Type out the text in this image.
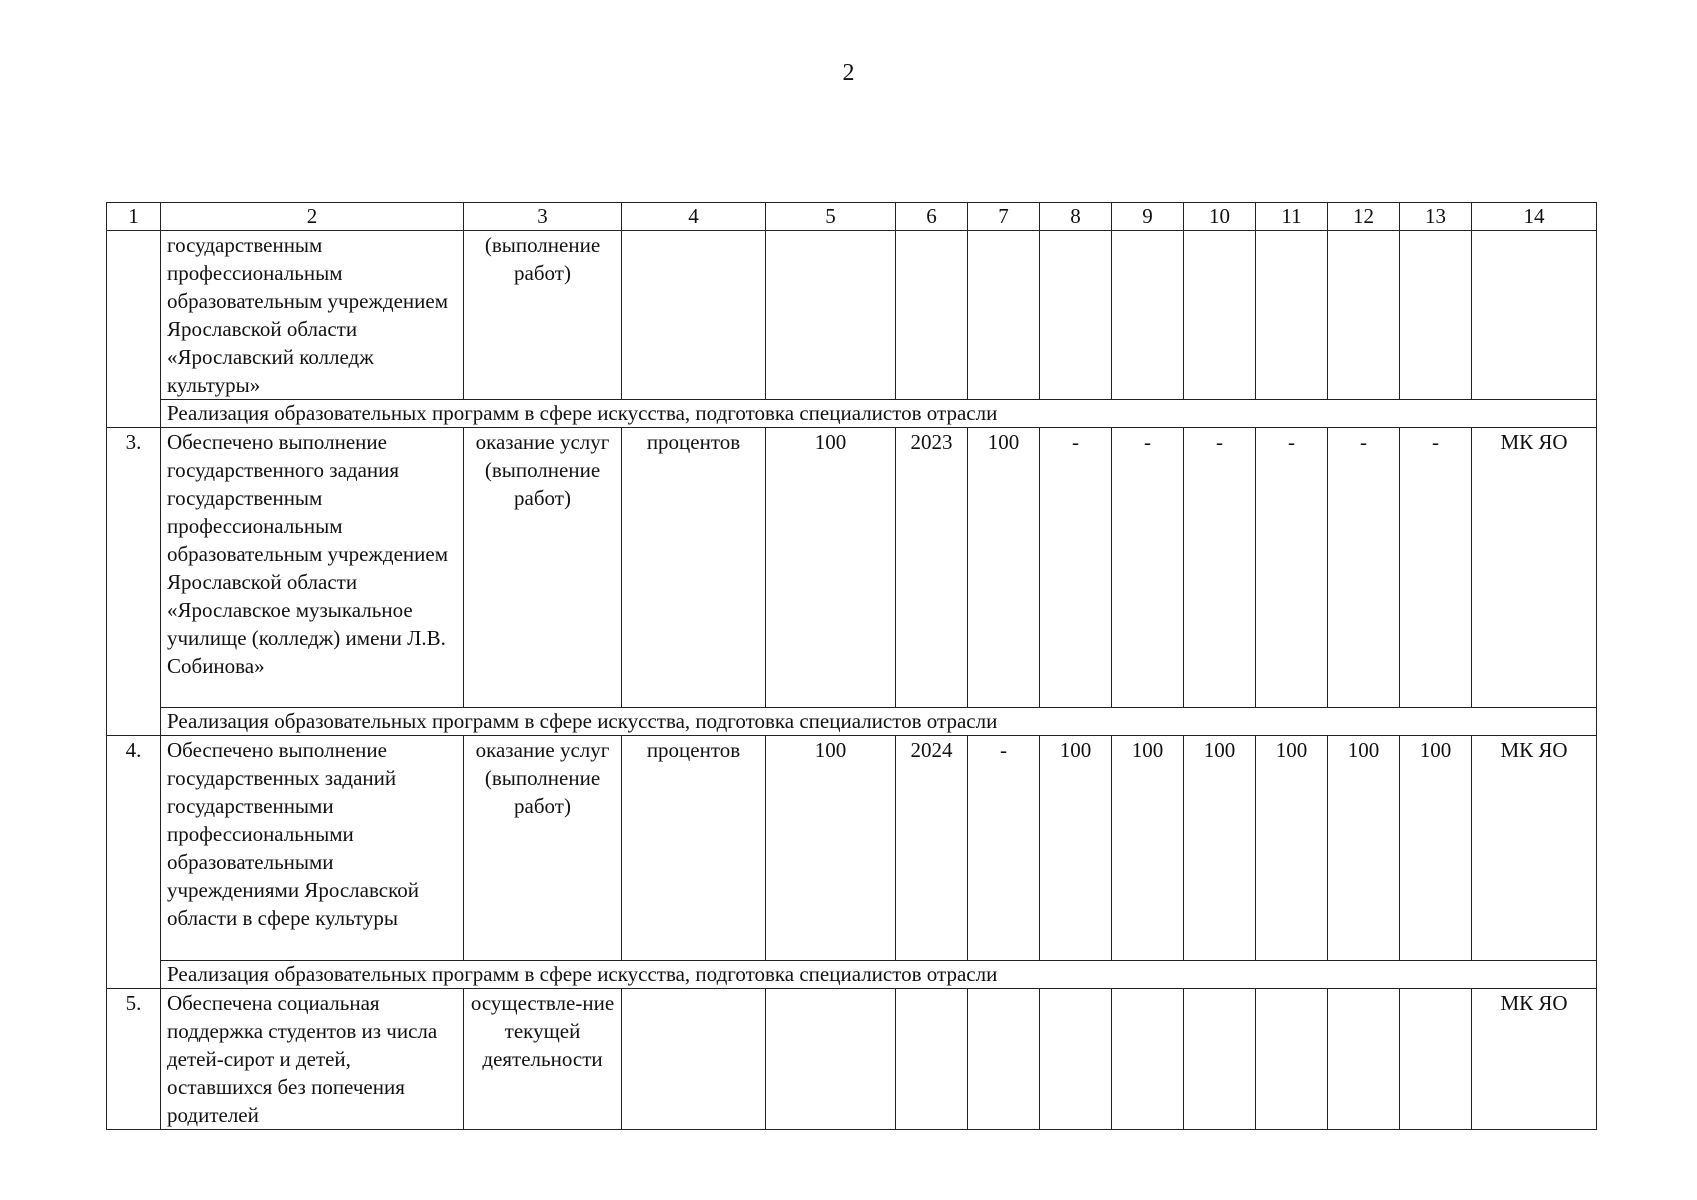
2
1	2	3	4	5	6	7	8	9	10	11	12	13	14
	государственным профессиональным образовательным учреждением Ярославской области «Ярославский колледж культуры»	(выполнение работ)											
	Реализация образовательных программ в сфере искусства, подготовка специалистов отрасли												
3.	Обеспечено выполнение государственного задания государственным профессиональным образовательным учреждением Ярославской области «Ярославское музыкальное училище (колледж) имени Л.В. Собинова»	оказание услуг (выполнение работ)	процентов	100	2023	100	-	-	-	-	-	-	МК ЯО
	Реализация образовательных программ в сфере искусства, подготовка специалистов отрасли												
4.	Обеспечено выполнение государственных заданий государственными профессиональными образовательными учреждениями Ярославской области в сфере культуры	оказание услуг (выполнение работ)	процентов	100	2024	-	100	100	100	100	100	100	МК ЯО
	Реализация образовательных программ в сфере искусства, подготовка специалистов отрасли												
5.	Обеспечена социальная поддержка студентов из числа детей-сирот и детей, оставшихся без попечения родителей	осуществле-ние текущей деятельности											МК ЯО
